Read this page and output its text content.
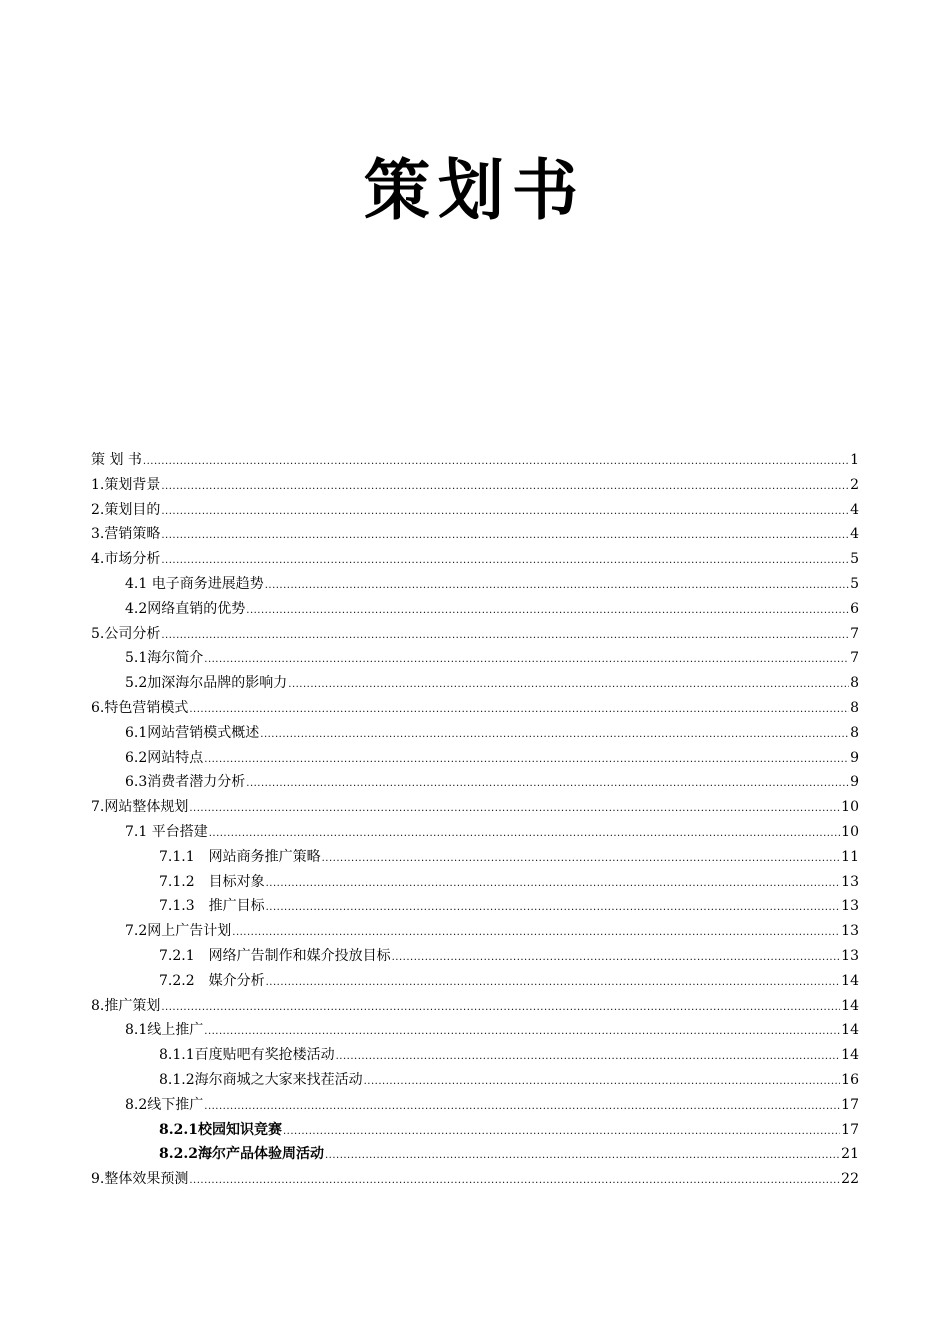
策划书
策 划 书 .....	1
1.策划背景 .....	2
2.策划目的 .....	4
3.营销策略 .....	4
4.市场分析 .....	5
4.1 电子商务进展趋势 .....	5
4.2网络直销的优势 .....	6
5.公司分析 .....	7
5.1海尔简介 .....	7
5.2加深海尔品牌的影响力 .....	8
6.特色营销模式 .....	8
6.1网站营销模式概述 .....	8
6.2网站特点 .....	9
6.3消费者潜力分析 .....	9
7.网站整体规划 .....	10
7.1 平台搭建 .....	10
7.1.1　网站商务推广策略 .....	11
7.1.2　目标对象 .....	13
7.1.3　推广目标 .....	13
7.2网上广告计划 .....	13
7.2.1　网络广告制作和媒介投放目标 .....	13
7.2.2　媒介分析 .....	14
8.推广策划 .....	14
8.1线上推广 .....	14
8.1.1百度贴吧有奖抢楼活动 .....	14
8.1.2海尔商城之大家来找茬活动 .....	16
8.2线下推广 .....	17
8.2.1校园知识竞赛 .....	17
8.2.2海尔产品体验周活动 .....	21
9.整体效果预测 .....	22
